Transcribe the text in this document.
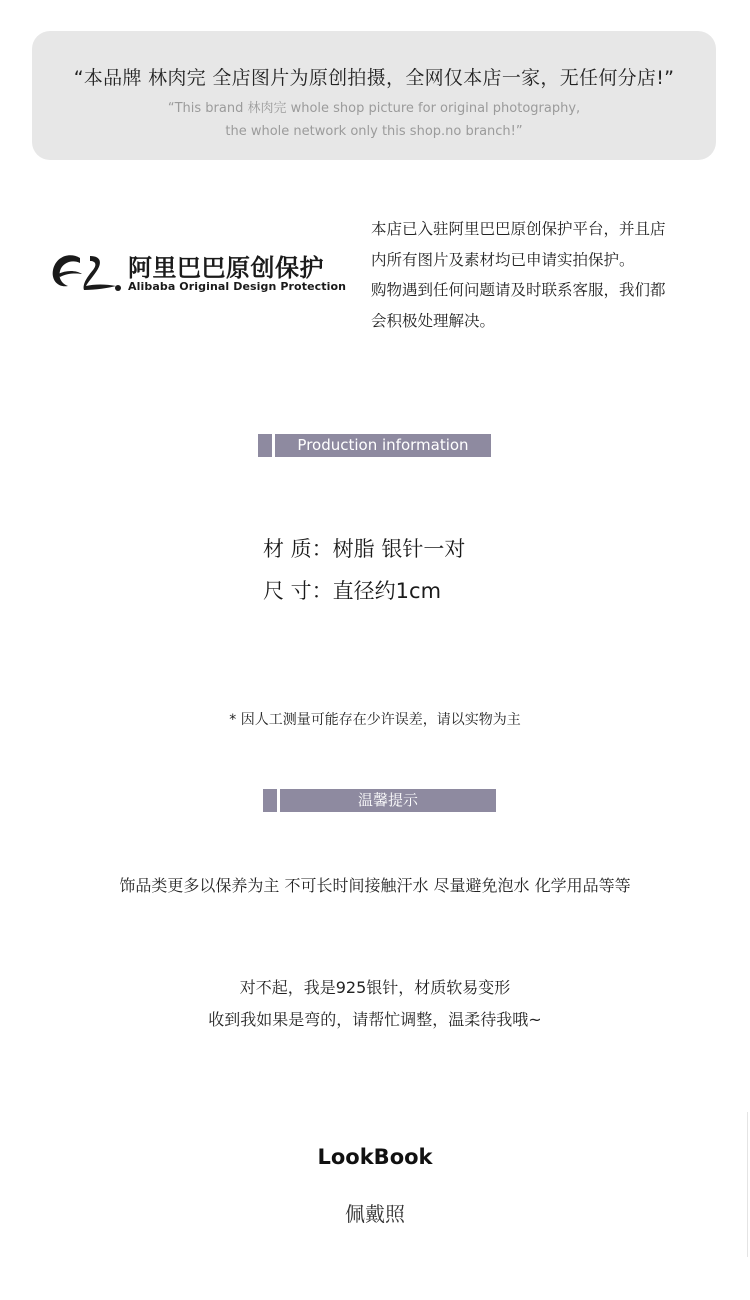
“本品牌 林肉完 全店图片为原创拍摄，全网仅本店一家，无任何分店!”
“This brand 林肉完 whole shop picture for original photography,
the whole network only this shop.no branch!”
阿里巴巴原创保护
Alibaba Original Design Protection
本店已入驻阿里巴巴原创保护平台，并且店
内所有图片及素材均已申请实拍保护。
购物遇到任何问题请及时联系客服，我们都
会积极处理解决。
Production information
材 质：树脂 银针一对
尺 寸：直径约1cm
* 因人工测量可能存在少许误差，请以实物为主
温馨提示
饰品类更多以保养为主 不可长时间接触汗水 尽量避免泡水 化学用品等等
对不起，我是925银针，材质软易变形
收到我如果是弯的，请帮忙调整，温柔待我哦~
LookBook
佩戴照
